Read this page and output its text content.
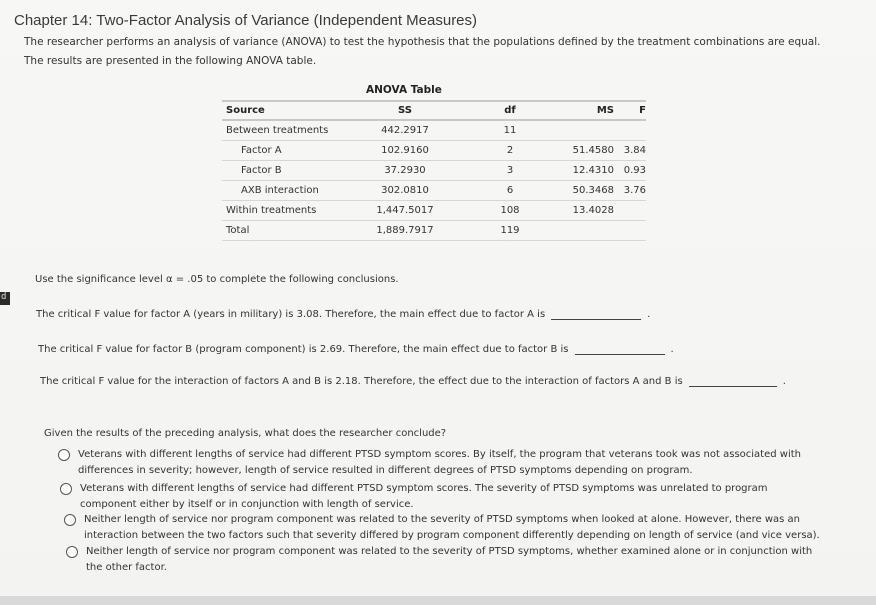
Chapter 14: Two-Factor Analysis of Variance (Independent Measures)
The researcher performs an analysis of variance (ANOVA) to test the hypothesis that the populations defined by the treatment combinations are equal.
The results are presented in the following ANOVA table.
ANOVA Table
Source	SS	df	MS	F
Between treatments	442.2917	11		
Factor A	102.9160	2	51.4580	3.84
Factor B	37.2930	3	12.4310	0.93
AXB interaction	302.0810	6	50.3468	3.76
Within treatments	1,447.5017	108	13.4028	
Total	1,889.7917	119		
Use the significance level α = .05 to complete the following conclusions.
The critical F value for factor A (years in military) is 3.08. Therefore, the main effect due to factor A is	.
The critical F value for factor B (program component) is 2.69. Therefore, the main effect due to factor B is	.
The critical F value for the interaction of factors A and B is 2.18. Therefore, the effect due to the interaction of factors A and B is	.
Given the results of the preceding analysis, what does the researcher conclude?
Veterans with different lengths of service had different PTSD symptom scores. By itself, the program that veterans took was not associated with differences in severity; however, length of service resulted in different degrees of PTSD symptoms depending on program.
Veterans with different lengths of service had different PTSD symptom scores. The severity of PTSD symptoms was unrelated to program component either by itself or in conjunction with length of service.
Neither length of service nor program component was related to the severity of PTSD symptoms when looked at alone. However, there was an interaction between the two factors such that severity differed by program component differently depending on length of service (and vice versa).
Neither length of service nor program component was related to the severity of PTSD symptoms, whether examined alone or in conjunction with the other factor.
d
